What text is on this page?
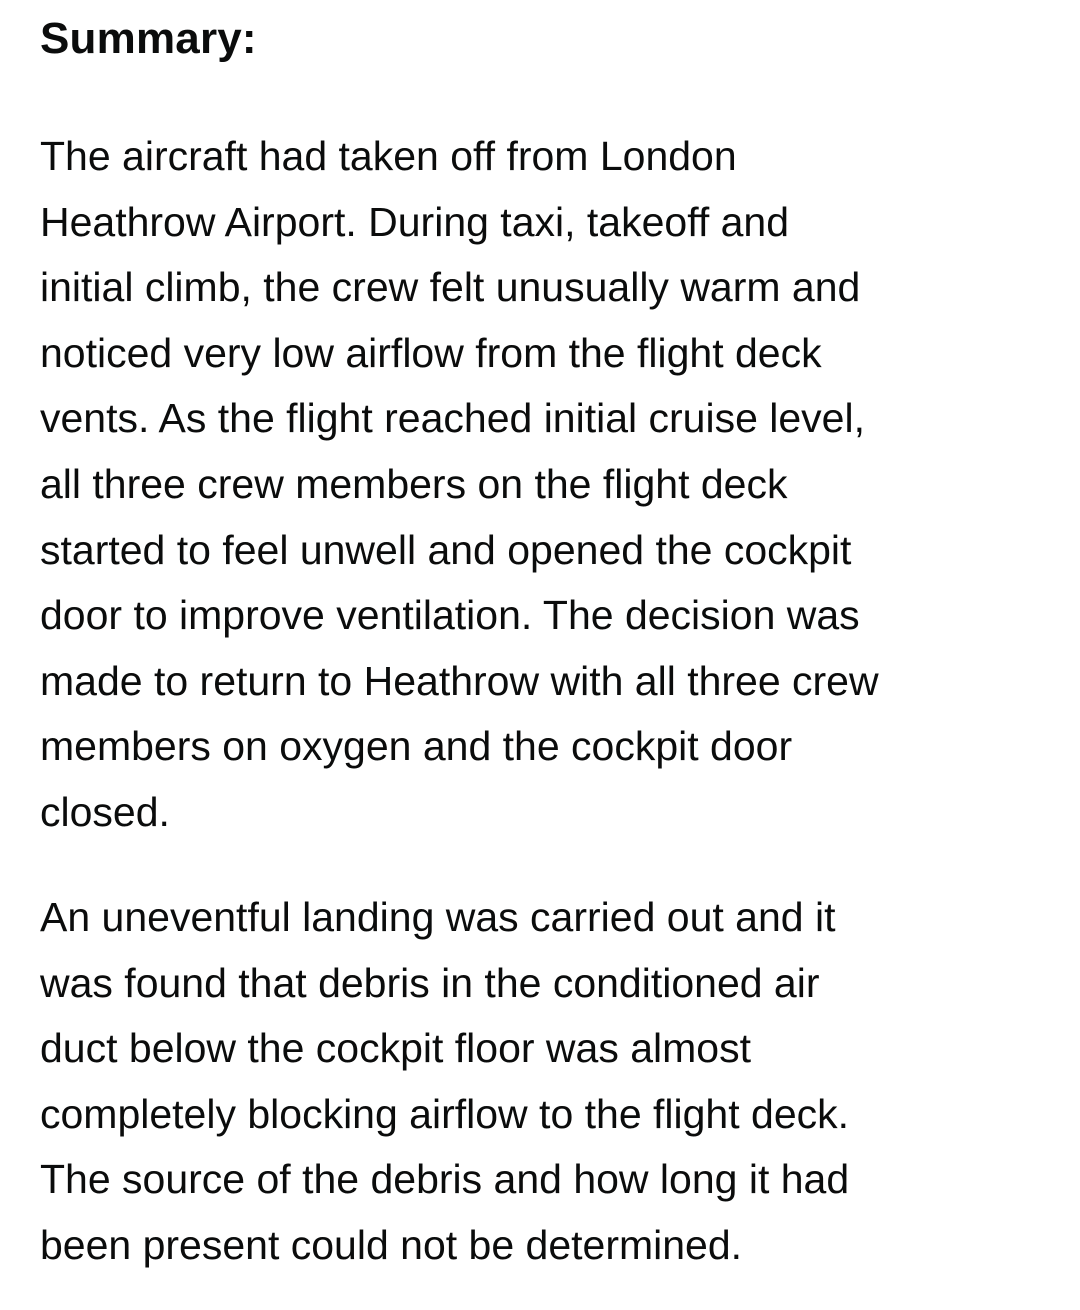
Summary:

The aircraft had taken off from London
Heathrow Airport. During taxi, takeoff and
initial climb, the crew felt unusually warm and
noticed very low airflow from the flight deck
vents. As the flight reached initial cruise level,
all three crew members on the flight deck
started to feel unwell and opened the cockpit
door to improve ventilation. The decision was
made to return to Heathrow with all three crew
members on oxygen and the cockpit door
closed.

An uneventful landing was carried out and it
was found that debris in the conditioned air
duct below the cockpit floor was almost
completely blocking airflow to the flight deck.
The source of the debris and how long it had
been present could not be determined.
